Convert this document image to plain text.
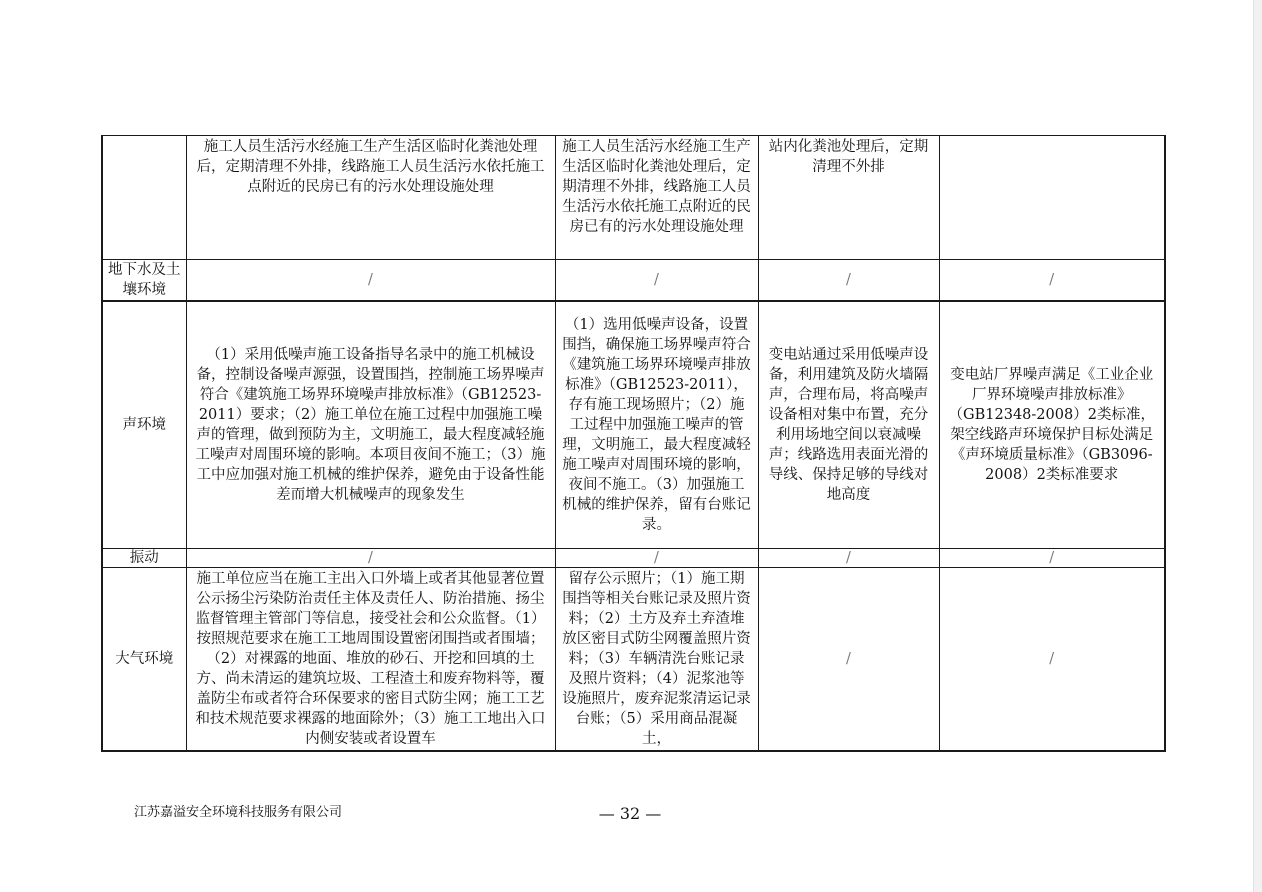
	施工人员生活污水经施工生产生活区临时化粪池处理后，定期清理不外排，线路施工人员生活污水依托施工点附近的民房已有的污水处理设施处理	施工人员生活污水经施工生产生活区临时化粪池处理后，定期清理不外排，线路施工人员生活污水依托施工点附近的民房已有的污水处理设施处理	站内化粪池处理后，定期清理不外排	
地下水及土壤环境	/	/	/	/
声环境	（1）采用低噪声施工设备指导名录中的施工机械设备，控制设备噪声源强，设置围挡，控制施工场界噪声符合《建筑施工场界环境噪声排放标准》（GB12523-2011）要求；（2）施工单位在施工过程中加强施工噪声的管理，做到预防为主，文明施工，最大程度减轻施工噪声对周围环境的影响。本项目夜间不施工；（3）施工中应加强对施工机械的维护保养，避免由于设备性能差而增大机械噪声的现象发生	（1）选用低噪声设备，设置围挡，确保施工场界噪声符合《建筑施工场界环境噪声排放标准》（GB12523-2011），存有施工现场照片；（2）施工过程中加强施工噪声的管理，文明施工，最大程度减轻施工噪声对周围环境的影响，夜间不施工。（3）加强施工机械的维护保养，留有台账记录。	变电站通过采用低噪声设备，利用建筑及防火墙隔声，合理布局，将高噪声设备相对集中布置，充分利用场地空间以衰减噪声；线路选用表面光滑的导线、保持足够的导线对地高度	变电站厂界噪声满足《工业企业厂界环境噪声排放标准》（GB12348-2008）2类标准，架空线路声环境保护目标处满足《声环境质量标准》（GB3096-2008）2类标准要求
振动	/	/	/	/
大气环境	施工单位应当在施工主出入口外墙上或者其他显著位置公示扬尘污染防治责任主体及责任人、防治措施、扬尘监督管理主管部门等信息，接受社会和公众监督。（1）按照规范要求在施工工地周围设置密闭围挡或者围墙；（2）对裸露的地面、堆放的砂石、开挖和回填的土方、尚未清运的建筑垃圾、工程渣土和废弃物料等，覆盖防尘布或者符合环保要求的密目式防尘网；施工工艺和技术规范要求裸露的地面除外；（3）施工工地出入口内侧安装或者设置车	留存公示照片；（1）施工期围挡等相关台账记录及照片资料；（2）土方及弃土弃渣堆放区密目式防尘网覆盖照片资料；（3）车辆清洗台账记录及照片资料；（4）泥浆池等设施照片，废弃泥浆清运记录台账；（5）采用商品混凝土，	/	/
江苏嘉溢安全环境科技服务有限公司	— 32 —
